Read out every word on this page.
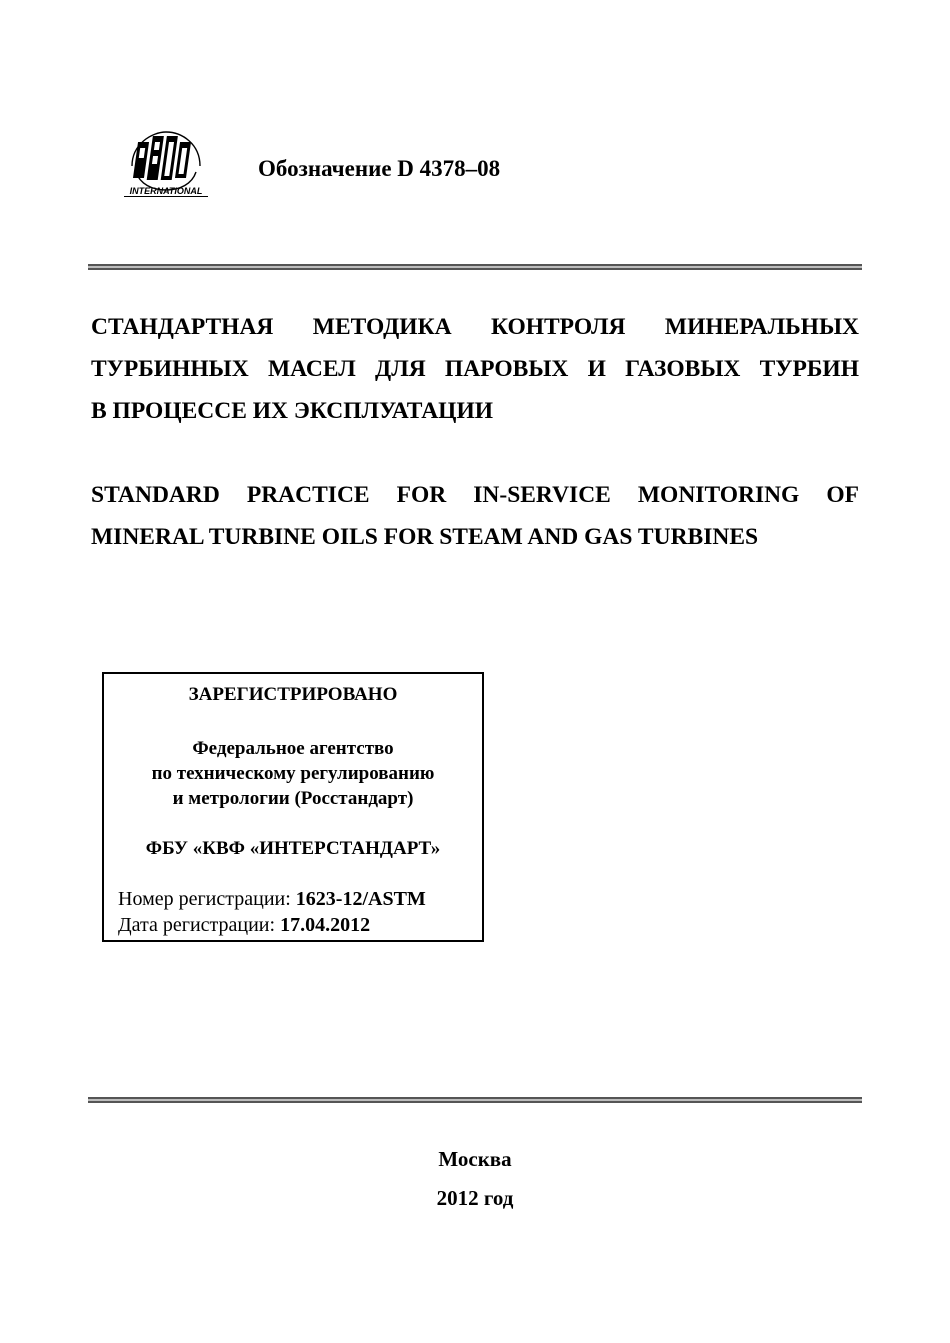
INTERNATIONAL
Обозначение D 4378–08
СТАНДАРТНАЯ МЕТОДИКА КОНТРОЛЯ МИНЕРАЛЬНЫХ
ТУРБИННЫХ МАСЕЛ ДЛЯ ПАРОВЫХ И ГАЗОВЫХ ТУРБИН
В ПРОЦЕССЕ ИХ ЭКСПЛУАТАЦИИ
STANDARD PRACTICE FOR IN-SERVICE MONITORING OF
MINERAL TURBINE OILS FOR STEAM AND GAS TURBINES
ЗАРЕГИСТРИРОВАНО
Федеральное агентство
по техническому регулированию
и метрологии (Росстандарт)
ФБУ «КВФ «ИНТЕРСТАНДАРТ»
Номер регистрации: 1623-12/ASTM
Дата регистрации: 17.04.2012
Москва
2012 год
